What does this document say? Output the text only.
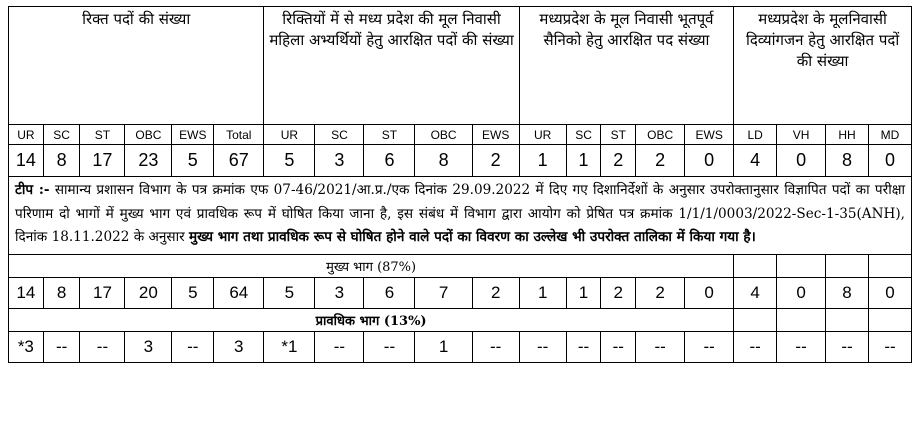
रिक्त पदों की संख्या						रिक्तियों में से मध्य प्रदेश की मूल निवासी महिला अभ्यर्थियों हेतु आरक्षित पदों की संख्या					मध्यप्रदेश के मूल निवासी भूतपूर्व सैनिको हेतु आरक्षित पद संख्या					मध्यप्रदेश के मूलनिवासी दिव्यांगजन हेतु आरक्षित पदों की संख्या			
UR	SC	ST	OBC	EWS	Total	UR	SC	ST	OBC	EWS	UR	SC	ST	OBC	EWS	LD	VH	HH	MD
14	8	17	23	5	67	5	3	6	8	2	1	1	2	2	0	4	0	8	0
टीप :- सामान्य प्रशासन विभाग के पत्र क्रमांक एफ 07-46/2021/आ.प्र./एक दिनांक 29.09.2022 में दिए गए दिशानिर्देशों के अनुसार उपरोक्तानुसार विज्ञापित पदों का परीक्षा परिणाम दो भागों में मुख्य भाग एवं प्रावधिक रूप में घोषित किया जाना है, इस संबंध में विभाग द्वारा आयोग को प्रेषित पत्र क्रमांक 1/1/1/0003/2022-Sec-1-35(ANH), दिनांक 18.11.2022 के अनुसार मुख्य भाग तथा प्रावधिक रूप से घोषित होने वाले पदों का विवरण का उल्लेख भी उपरोक्त तालिका में किया गया है।																			
मुख्य भाग (87%)																			
14	8	17	20	5	64	5	3	6	7	2	1	1	2	2	0	4	0	8	0
प्रावधिक भाग (13%)																			
*3	--	--	3	--	3	*1	--	--	1	--	--	--	--	--	--	--	--	--	--
